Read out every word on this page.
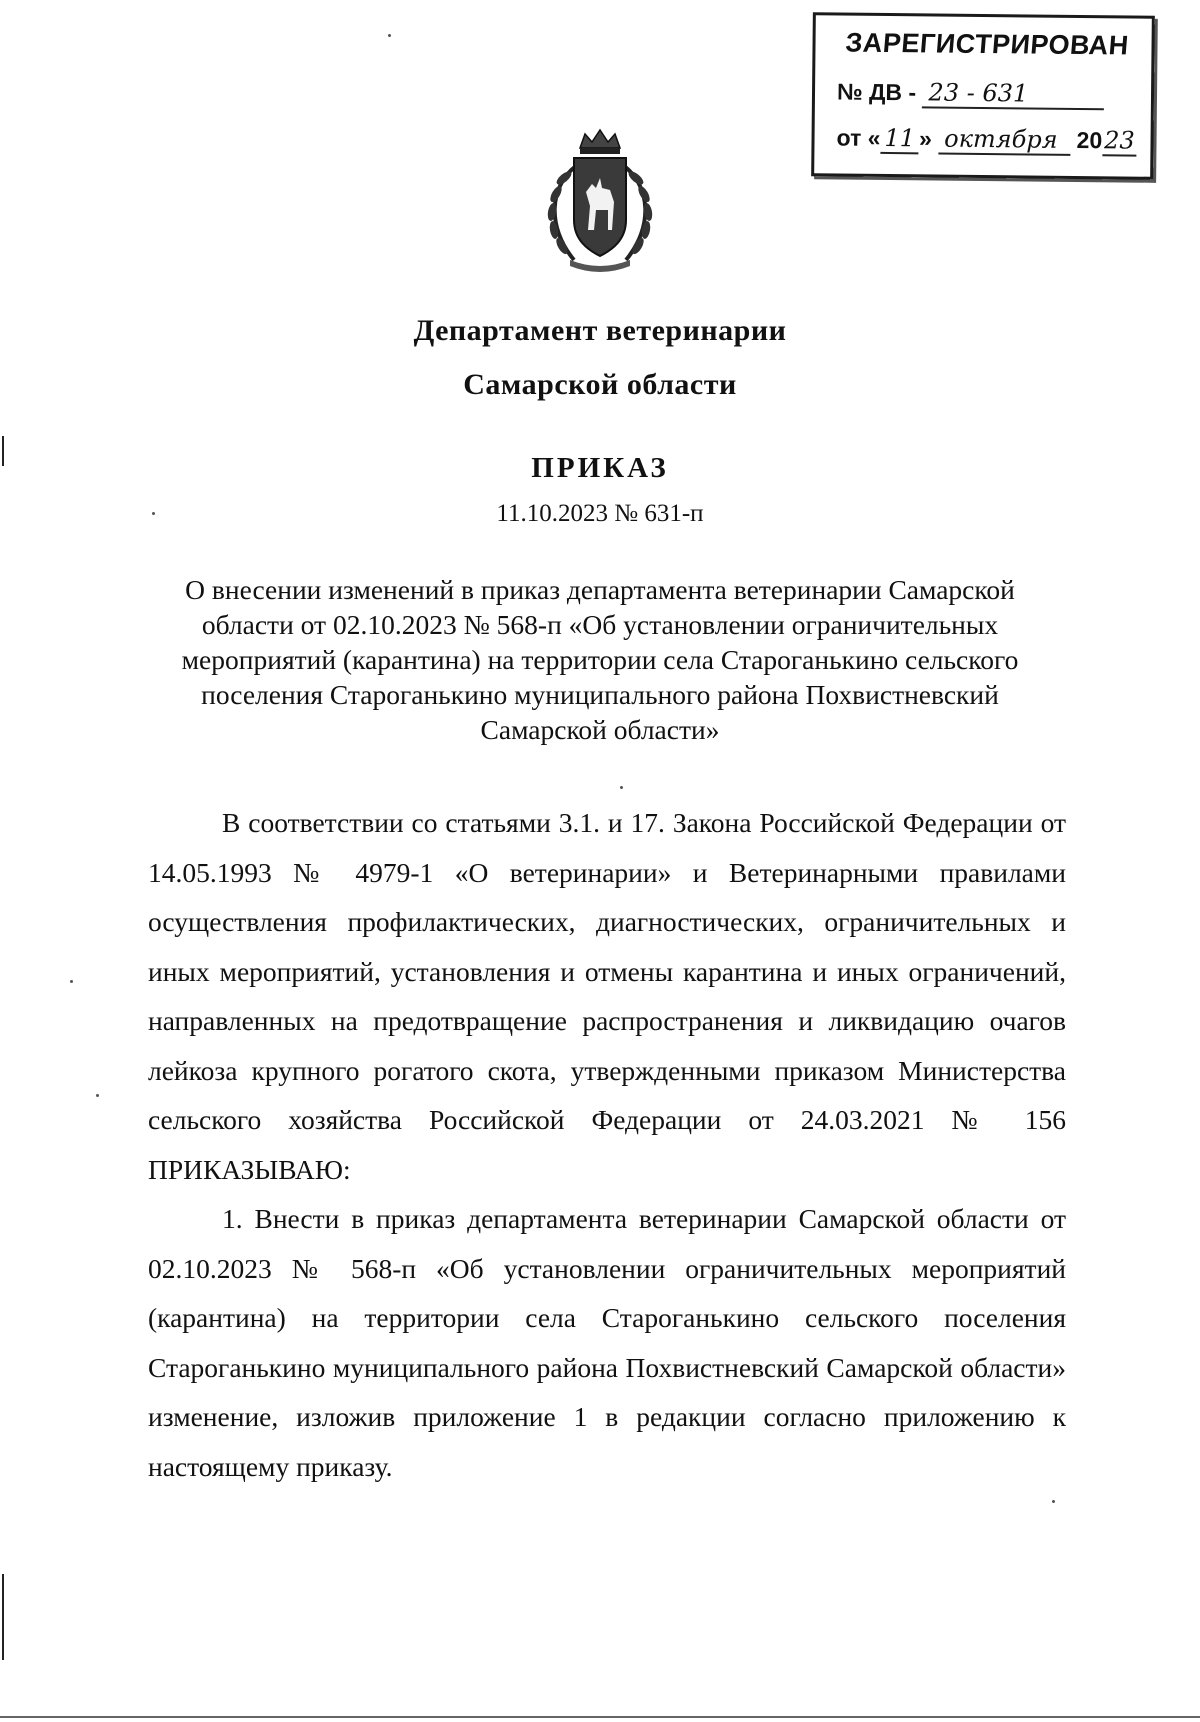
ЗАРЕГИСТРИРОВАН
№ ДВ - 23 - 631
от « 11 » октября 2023
Департамент ветеринарии
Самарской области
ПРИКАЗ
11.10.2023 № 631-п
О внесении изменений в приказ департамента ветеринарии Самарской области от 02.10.2023 № 568-п «Об установлении ограничительных мероприятий (карантина) на территории села Староганькино сельского поселения Староганькино муниципального района Похвистневский Самарской области»

В соответствии со статьями 3.1. и 17. Закона Российской Федерации от 14.05.1993 № 4979-1 «О ветеринарии» и Ветеринарными правилами осуществления профилактических, диагностических, ограничительных и иных мероприятий, установления и отмены карантина и иных ограничений, направленных на предотвращение распространения и ликвидацию очагов лейкоза крупного рогатого скота, утвержденными приказом Министерства сельского хозяйства Российской Федерации от 24.03.2021 № 156 ПРИКАЗЫВАЮ:

1. Внести в приказ департамента ветеринарии Самарской области от 02.10.2023 № 568-п «Об установлении ограничительных мероприятий (карантина) на территории села Староганькино сельского поселения Староганькино муниципального района Похвистневский Самарской области» изменение, изложив приложение 1 в редакции согласно приложению к настоящему приказу.
